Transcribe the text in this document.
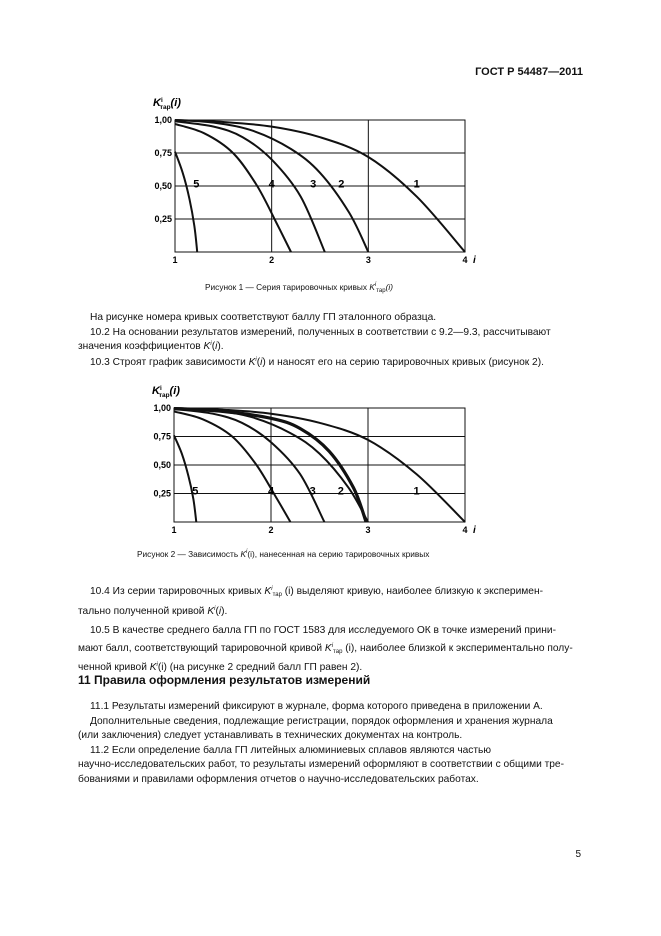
ГОСТ Р 54487—2011
0,25
0,50
0,75
1,00
1	2	3	4
$K^i$ тар(i)
i
1
2
3
4
5
Рисунок 1 — Серия тарировочных кривых $K^i_{тар}(i)$

На рисунке номера кривых соответствуют баллу ГП эталонного образца.

10.2 На основании результатов измерений, полученных в соответствии с 9.2—9.3, рассчитывают

значения коэффициентов $K^i(i)$.

10.3 Строят график зависимости $K^i(i)$ и наносят его на серию тарировочных кривых (рисунок 2).

0,25
0,50
0,75
1,00
1	2	3	4
$K^i$ тар(i)
i
1
2
3
4
5
Рисунок 2 — Зависимость $K^i(i)$, нанесенная на серию тарировочных кривых

10.4 Из серии тарировочных кривых $K^iтар$ (i) выделяют кривую, наиболее близкую к эксперимен-

тально полученной кривой $K^i(i)$.

10.5 В качестве среднего балла ГП по ГОСТ 1583 для исследуемого ОК в точке измерений прини-

мают балл, соответствующий тарировочной кривой $K^iтар$ (i), наиболее близкой к экспериментально полу-

ченной кривой $K^i(i)$ (на рисунке 2 средний балл ГП равен 2).

11 Правила оформления результатов измерений

11.1 Результаты измерений фиксируют в журнале, форма которого приведена в приложении А.

Дополнительные сведения, подлежащие регистрации, порядок оформления и хранения журнала

(или заключения) следует устанавливать в технических документах на контроль.

11.2 Если определение балла ГП литейных алюминиевых сплавов являются частью

научно-исследовательских работ, то результаты измерений оформляют в соответствии с общими тре-

бованиями и правилами оформления отчетов о научно-исследовательских работах.

5
